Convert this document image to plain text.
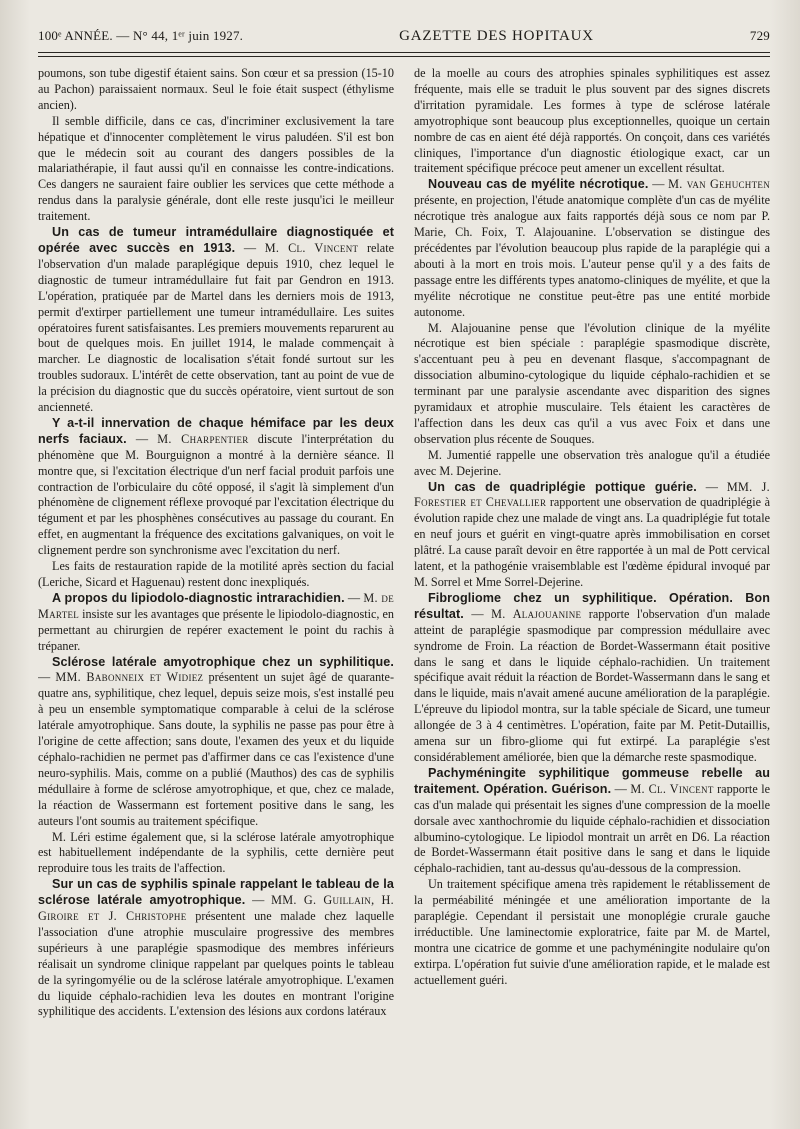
100ᵉ ANNÉE. — N° 44, 1ᵉʳ juin 1927.	GAZETTE DES HOPITAUX	729

poumons, son tube digestif étaient sains. Son cœur et sa pression (15-10 au Pachon) paraissaient normaux. Seul le foie était suspect (éthylisme ancien).

Il semble difficile, dans ce cas, d'incriminer exclusivement la tare hépatique et d'innocenter complètement le virus paludéen. S'il est bon que le médecin soit au courant des dangers possibles de la malariathérapie, il faut aussi qu'il en connaisse les contre-indications. Ces dangers ne sauraient faire oublier les services que cette méthode a rendus dans la paralysie générale, dont elle reste jusqu'ici le meilleur traitement.

Un cas de tumeur intramédullaire diagnostiquée et opérée avec succès en 1913. — M. Cl. Vincent relate l'observation d'un malade paraplégique depuis 1910, chez lequel le diagnostic de tumeur intramédullaire fut fait par Gendron en 1913. L'opération, pratiquée par de Martel dans les derniers mois de 1913, permit d'extirper partiellement une tumeur intramédullaire. Les suites opératoires furent satisfaisantes. Les premiers mouvements reparurent au bout de quelques mois. En juillet 1914, le malade commençait à marcher. Le diagnostic de localisation s'était fondé surtout sur les troubles sudoraux. L'intérêt de cette observation, tant au point de vue de la précision du diagnostic que du succès opératoire, vient surtout de son ancienneté.

Y a-t-il innervation de chaque hémiface par les deux nerfs faciaux. — M. Charpentier discute l'interprétation du phénomène que M. Bourguignon a montré à la dernière séance. Il montre que, si l'excitation électrique d'un nerf facial produit parfois une contraction de l'orbiculaire du côté opposé, il s'agit là simplement d'un phénomène de clignement réflexe provoqué par l'excitation électrique du tégument et par les phosphènes consécutives au passage du courant. En effet, en augmentant la fréquence des excitations galvaniques, on voit le clignement perdre son synchronisme avec l'excitation du nerf.

Les faits de restauration rapide de la motilité après section du facial (Leriche, Sicard et Haguenau) restent donc inexpliqués.

A propos du lipiodolo-diagnostic intrarachidien. — M. de Martel insiste sur les avantages que présente le lipiodolo-diagnostic, en permettant au chirurgien de repérer exactement le point du rachis à trépaner.

Sclérose latérale amyotrophique chez un syphilitique. — MM. Babonneix et Widiez présentent un sujet âgé de quarante-quatre ans, syphilitique, chez lequel, depuis seize mois, s'est installé peu à peu un ensemble symptomatique comparable à celui de la sclérose latérale amyotrophique. Sans doute, la syphilis ne passe pas pour être à l'origine de cette affection; sans doute, l'examen des yeux et du liquide céphalo-rachidien ne permet pas d'affirmer dans ce cas l'existence d'une neuro-syphilis. Mais, comme on a publié (Mauthos) des cas de syphilis médullaire à forme de sclérose amyotrophique, et que, chez ce malade, la réaction de Wassermann est fortement positive dans le sang, les auteurs l'ont soumis au traitement spécifique.

M. Léri estime également que, si la sclérose latérale amyotrophique est habituellement indépendante de la syphilis, cette dernière peut reproduire tous les traits de l'affection.

Sur un cas de syphilis spinale rappelant le tableau de la sclérose latérale amyotrophique. — MM. G. Guillain, H. Giroire et J. Christophe présentent une malade chez laquelle l'association d'une atrophie musculaire progressive des membres supérieurs à une paraplégie spasmodique des membres inférieurs réalisait un syndrome clinique rappelant par quelques points le tableau de la syringomyélie ou de la sclérose latérale amyotrophique. L'examen du liquide céphalo-rachidien leva les doutes en montrant l'origine syphilitique des accidents. L'extension des lésions aux cordons latéraux

de la moelle au cours des atrophies spinales syphilitiques est assez fréquente, mais elle se traduit le plus souvent par des signes discrets d'irritation pyramidale. Les formes à type de sclérose latérale amyotrophique sont beaucoup plus exceptionnelles, quoique un certain nombre de cas en aient été déjà rapportés. On conçoit, dans ces variétés cliniques, l'importance d'un diagnostic étiologique exact, car un traitement spécifique précoce peut amener un excellent résultat.

Nouveau cas de myélite nécrotique. — M. van Gehuchten présente, en projection, l'étude anatomique complète d'un cas de myélite nécrotique très analogue aux faits rapportés déjà sous ce nom par P. Marie, Ch. Foix, T. Alajouanine. L'observation se distingue des précédentes par l'évolution beaucoup plus rapide de la paraplégie qui a abouti à la mort en trois mois. L'auteur pense qu'il y a des faits de passage entre les différents types anatomo-cliniques de myélite, et que la myélite nécrotique ne constitue peut-être pas une entité morbide autonome.

M. Alajouanine pense que l'évolution clinique de la myélite nécrotique est bien spéciale : paraplégie spasmodique discrète, s'accentuant peu à peu en devenant flasque, s'accompagnant de dissociation albumino-cytologique du liquide céphalo-rachidien et se terminant par une paralysie ascendante avec disparition des signes pyramidaux et atrophie musculaire. Tels étaient les caractères de l'affection dans les deux cas qu'il a vus avec Foix et dans une observation plus récente de Souques.

M. Jumentié rappelle une observation très analogue qu'il a étudiée avec M. Dejerine.

Un cas de quadriplégie pottique guérie. — MM. J. Forestier et Chevallier rapportent une observation de quadriplégie à évolution rapide chez une malade de vingt ans. La quadriplégie fut totale en neuf jours et guérit en vingt-quatre après immobilisation en corset plâtré. La cause paraît devoir en être rapportée à un mal de Pott cervical latent, et la pathogénie vraisemblable est l'œdème épidural invoqué par M. Sorrel et Mme Sorrel-Dejerine.

Fibrogliome chez un syphilitique. Opération. Bon résultat. — M. Alajouanine rapporte l'observation d'un malade atteint de paraplégie spasmodique par compression médullaire avec syndrome de Froin. La réaction de Bordet-Wassermann était positive dans le sang et dans le liquide céphalo-rachidien. Un traitement spécifique avait réduit la réaction de Bordet-Wassermann dans le sang et dans le liquide, mais n'avait amené aucune amélioration de la paraplégie. L'épreuve du lipiodol montra, sur la table spéciale de Sicard, une tumeur allongée de 3 à 4 centimètres. L'opération, faite par M. Petit-Dutaillis, amena sur un fibro-gliome qui fut extirpé. La paraplégie s'est considérablement améliorée, bien que la démarche reste spasmodique.

Pachyméningite syphilitique gommeuse rebelle au traitement. Opération. Guérison. — M. Cl. Vincent rapporte le cas d'un malade qui présentait les signes d'une compression de la moelle dorsale avec xanthochromie du liquide céphalo-rachidien et dissociation albumino-cytologique. Le lipiodol montrait un arrêt en D6. La réaction de Bordet-Wassermann était positive dans le sang et dans le liquide céphalo-rachidien, tant au-dessus qu'au-dessous de la compression.

Un traitement spécifique amena très rapidement le rétablissement de la perméabilité méningée et une amélioration importante de la paraplégie. Cependant il persistait une monoplégie crurale gauche irréductible. Une laminectomie exploratrice, faite par M. de Martel, montra une cicatrice de gomme et une pachyméningite nodulaire qu'on extirpa. L'opération fut suivie d'une amélioration rapide, et le malade est actuellement guéri.
